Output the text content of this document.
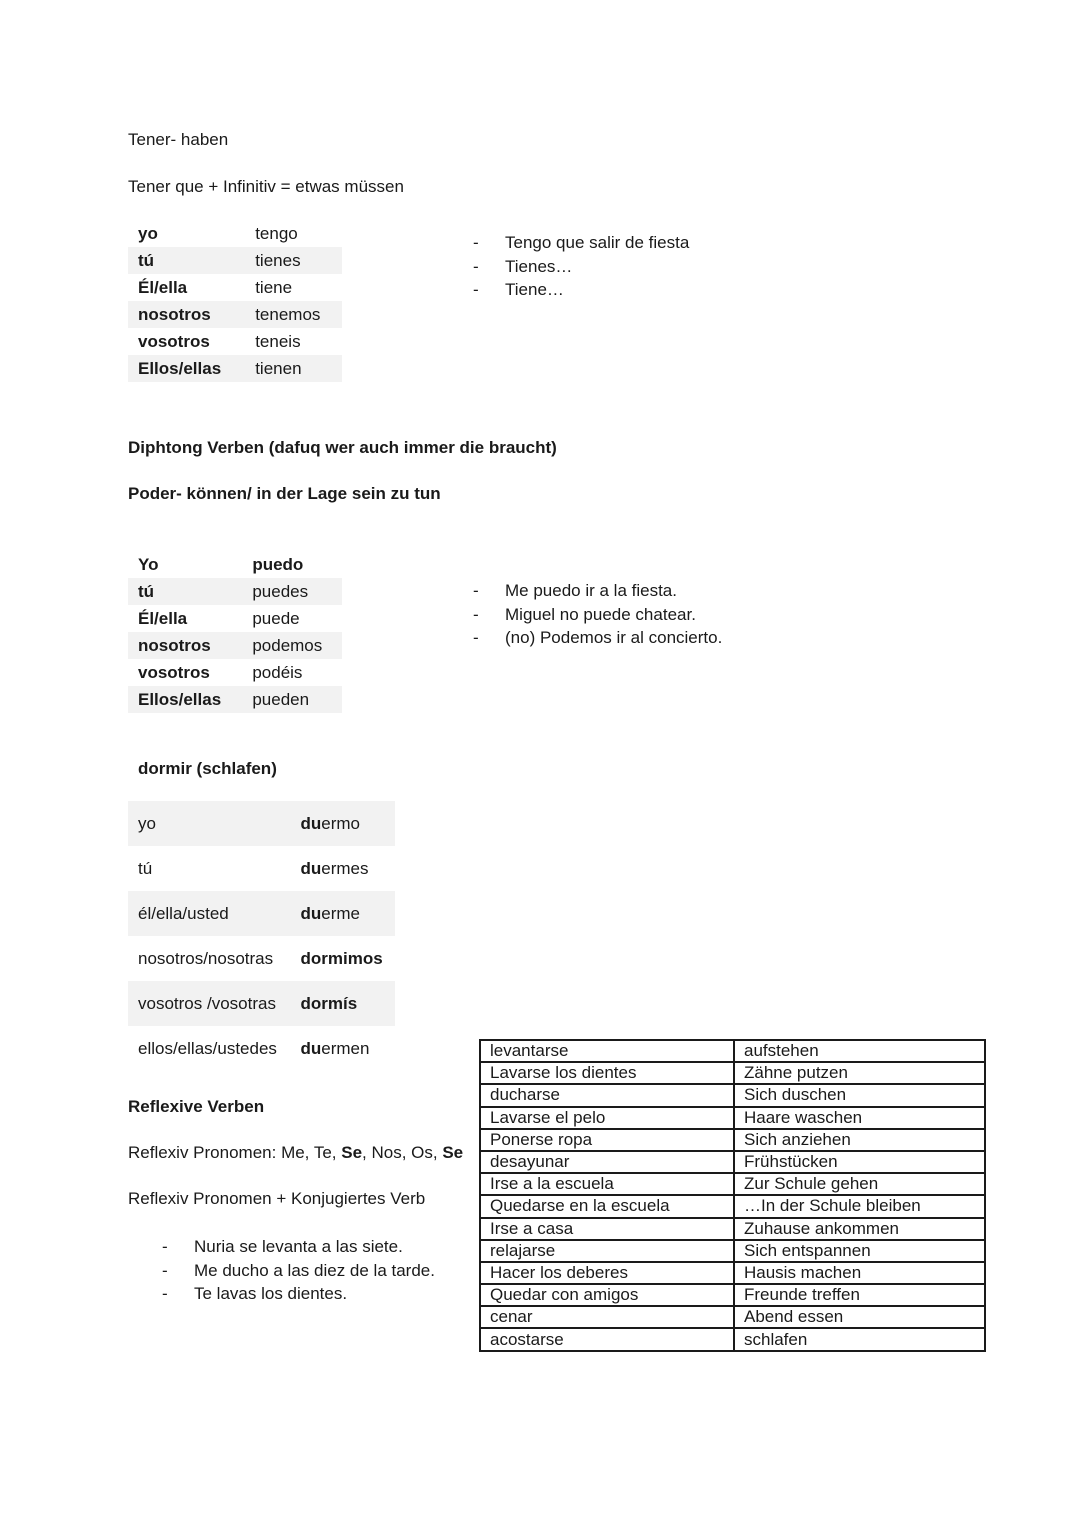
Tener- haben
Tener que + Infinitiv = etwas müssen
yo	tengo
tú	tienes
Él/ella	tiene
nosotros	tenemos
vosotros	teneis
Ellos/ellas	tienen
- Tengo que salir de fiesta
- Tienes…
- Tiene…
Diphtong Verben (dafuq wer auch immer die braucht)
Poder- können/ in der Lage sein zu tun
Yo	puedo
tú	puedes
Él/ella	puede
nosotros	podemos
vosotros	podéis
Ellos/ellas	pueden
- Me puedo ir a la fiesta.
- Miguel no puede chatear.
- (no) Podemos ir al concierto.
dormir (schlafen)
yo	duermo
tú	duermes
él/ella/usted	duerme
nosotros/nosotras	dormimos
vosotros /vosotras	dormís
ellos/ellas/ustedes	duermen
Reflexive Verben
Reflexiv Pronomen: Me, Te, Se, Nos, Os, Se
Reflexiv Pronomen + Konjugiertes Verb
- Nuria se levanta a las siete.
- Me ducho a las diez de la tarde.
- Te lavas los dientes.
levantarse	aufstehen
Lavarse los dientes	Zähne putzen
ducharse	Sich duschen
Lavarse el pelo	Haare waschen
Ponerse ropa	Sich anziehen
desayunar	Frühstücken
Irse a la escuela	Zur Schule gehen
Quedarse en la escuela	…In der Schule bleiben
Irse a casa	Zuhause ankommen
relajarse	Sich entspannen
Hacer los deberes	Hausis machen
Quedar con amigos	Freunde treffen
cenar	Abend essen
acostarse	schlafen
